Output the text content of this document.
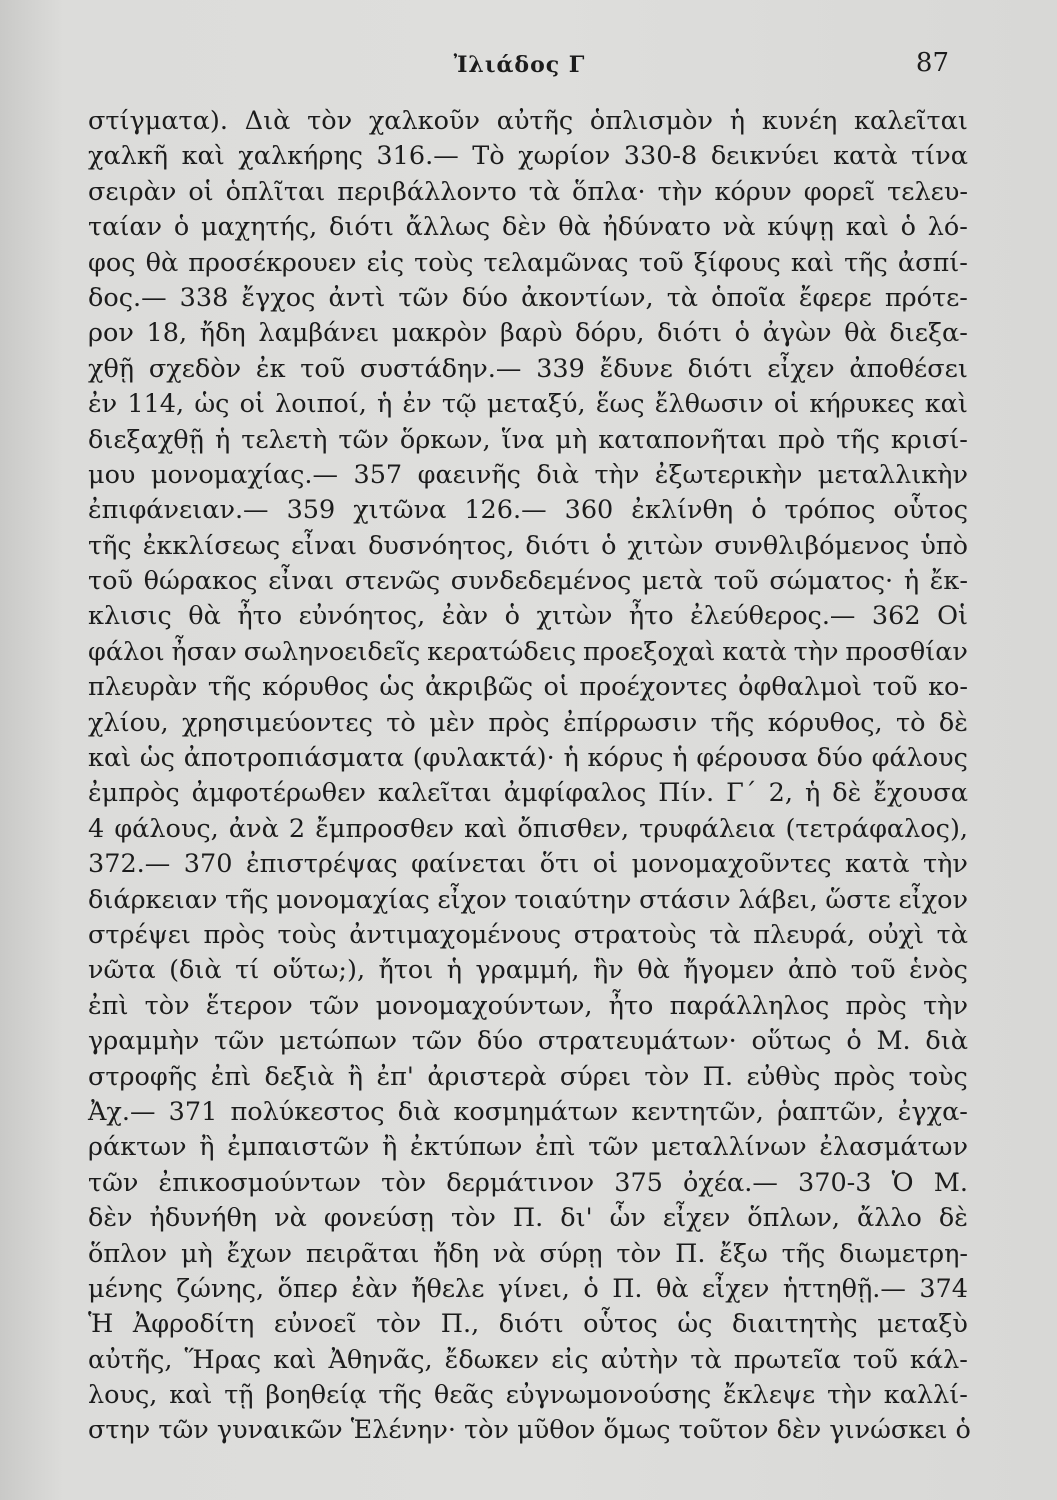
Ἰλιάδος Γ	87
στίγματα). Διὰ τὸν χαλκοῦν αὐτῆς ὁπλισμὸν ἡ κυνέη καλεῖται
χαλκῆ καὶ χαλκήρης 316.— Τὸ χωρίον 330-8 δεικνύει κατὰ τίνα
σειρὰν οἱ ὁπλῖται περιβάλλοντο τὰ ὅπλα· τὴν κόρυν φορεῖ τελευ-
ταίαν ὁ μαχητής, διότι ἄλλως δὲν θὰ ἠδύνατο νὰ κύψῃ καὶ ὁ λό-
φος θὰ προσέκρουεν εἰς τοὺς τελαμῶνας τοῦ ξίφους καὶ τῆς ἀσπί-
δος.— 338 ἔγχος ἀντὶ τῶν δύο ἀκοντίων, τὰ ὁποῖα ἔφερε πρότε-
ρον 18, ἤδη λαμβάνει μακρὸν βαρὺ δόρυ, διότι ὁ ἀγὼν θὰ διεξα-
χθῇ σχεδὸν ἐκ τοῦ συστάδην.— 339 ἔδυνε διότι εἶχεν ἀποθέσει
ἐν 114, ὡς οἱ λοιποί, ἡ ἐν τῷ μεταξύ, ἕως ἔλθωσιν οἱ κήρυκες καὶ
διεξαχθῇ ἡ τελετὴ τῶν ὅρκων, ἵνα μὴ καταπονῆται πρὸ τῆς κρισί-
μου μονομαχίας.— 357 φαεινῆς διὰ τὴν ἐξωτερικὴν μεταλλικὴν
ἐπιφάνειαν.— 359 χιτῶνα 126.— 360 ἐκλίνθη ὁ τρόπος οὗτος
τῆς ἐκκλίσεως εἶναι δυσνόητος, διότι ὁ χιτὼν συνθλιβόμενος ὑπὸ
τοῦ θώρακος εἶναι στενῶς συνδεδεμένος μετὰ τοῦ σώματος· ἡ ἔκ-
κλισις θὰ ἦτο εὐνόητος, ἐὰν ὁ χιτὼν ἦτο ἐλεύθερος.— 362 Οἱ
φάλοι ἦσαν σωληνοειδεῖς κερατώδεις προεξοχαὶ κατὰ τὴν προσθίαν
πλευρὰν τῆς κόρυθος ὡς ἀκριβῶς οἱ προέχοντες ὀφθαλμοὶ τοῦ κο-
χλίου, χρησιμεύοντες τὸ μὲν πρὸς ἐπίρρωσιν τῆς κόρυθος, τὸ δὲ
καὶ ὡς ἀποτροπιάσματα (φυλακτά)· ἡ κόρυς ἡ φέρουσα δύο φάλους
ἐμπρὸς ἀμφοτέρωθεν καλεῖται ἀμφίφαλος Πίν. Γ΄ 2, ἡ δὲ ἔχουσα
4 φάλους, ἀνὰ 2 ἔμπροσθεν καὶ ὄπισθεν, τρυφάλεια (τετράφαλος),
372.— 370 ἐπιστρέψας φαίνεται ὅτι οἱ μονομαχοῦντες κατὰ τὴν
διάρκειαν τῆς μονομαχίας εἶχον τοιαύτην στάσιν λάβει, ὥστε εἶχον
στρέψει πρὸς τοὺς ἀντιμαχομένους στρατοὺς τὰ πλευρά, οὐχὶ τὰ
νῶτα (διὰ τί οὕτω;), ἤτοι ἡ γραμμή, ἣν θὰ ἤγομεν ἀπὸ τοῦ ἑνὸς
ἐπὶ τὸν ἕτερον τῶν μονομαχούντων, ἦτο παράλληλος πρὸς τὴν
γραμμὴν τῶν μετώπων τῶν δύο στρατευμάτων· οὕτως ὁ Μ. διὰ
στροφῆς ἐπὶ δεξιὰ ἢ ἐπ' ἀριστερὰ σύρει τὸν Π. εὐθὺς πρὸς τοὺς
Ἀχ.— 371 πολύκεστος διὰ κοσμημάτων κεντητῶν, ῥαπτῶν, ἐγχα-
ράκτων ἢ ἐμπαιστῶν ἢ ἐκτύπων ἐπὶ τῶν μεταλλίνων ἐλασμάτων
τῶν ἐπικοσμούντων τὸν δερμάτινον 375 ὀχέα.— 370-3 Ὁ Μ.
δὲν ἠδυνήθη νὰ φονεύσῃ τὸν Π. δι' ὧν εἶχεν ὅπλων, ἄλλο δὲ
ὅπλον μὴ ἔχων πειρᾶται ἤδη νὰ σύρῃ τὸν Π. ἔξω τῆς διωμετρη-
μένης ζώνης, ὅπερ ἐὰν ἤθελε γίνει, ὁ Π. θὰ εἶχεν ἡττηθῇ.— 374
Ἡ Ἀφροδίτη εὐνοεῖ τὸν Π., διότι οὗτος ὡς διαιτητὴς μεταξὺ
αὐτῆς, Ἥρας καὶ Ἀθηνᾶς, ἔδωκεν εἰς αὐτὴν τὰ πρωτεῖα τοῦ κάλ-
λους, καὶ τῇ βοηθείᾳ τῆς θεᾶς εὐγνωμονούσης ἔκλεψε τὴν καλλί-
στην τῶν γυναικῶν Ἑλένην· τὸν μῦθον ὅμως τοῦτον δὲν γινώσκει ὁ
